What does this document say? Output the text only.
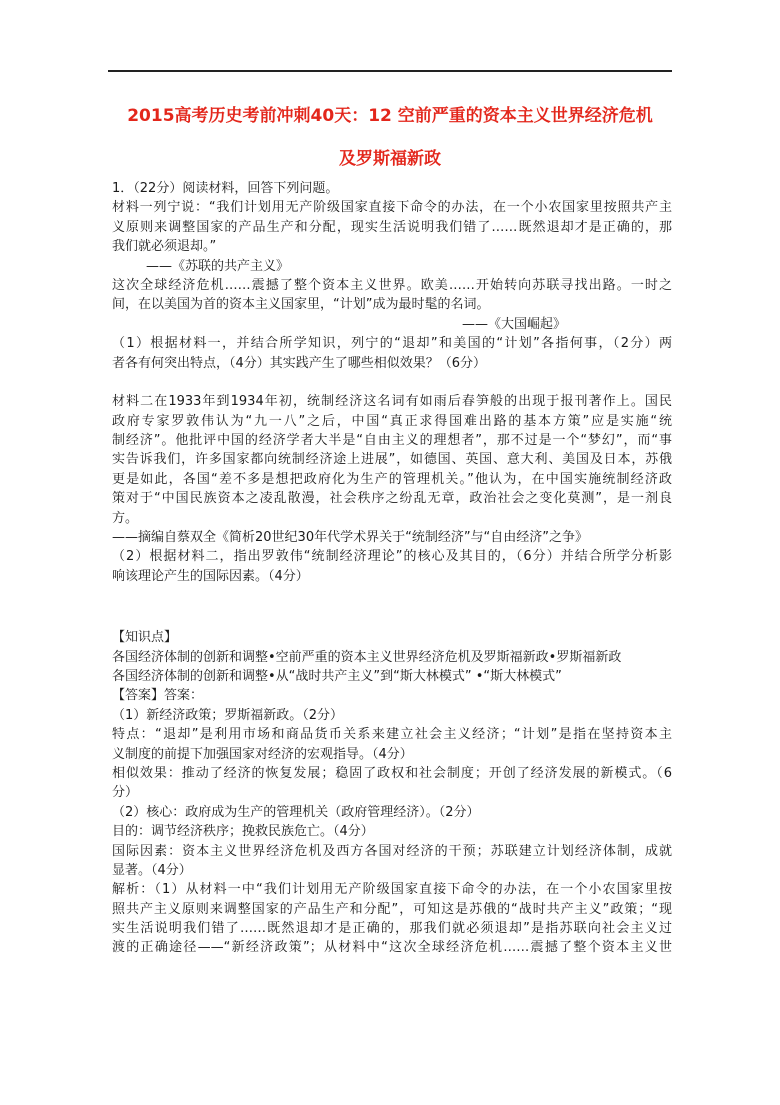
2015高考历史考前冲刺40天：12 空前严重的资本主义世界经济危机
及罗斯福新政
1．（22分）阅读材料，回答下列问题。
材料一列宁说：“我们计划用无产阶级国家直接下命令的办法，在一个小农国家里按照共产主
义原则来调整国家的产品生产和分配，现实生活说明我们错了……既然退却才是正确的，那
我们就必须退却。”
——《苏联的共产主义》
这次全球经济危机……震撼了整个资本主义世界。欧美……开始转向苏联寻找出路。一时之
间，在以美国为首的资本主义国家里，“计划”成为最时髦的名词。
——《大国崛起》
（1）根据材料一，并结合所学知识，列宁的“退却”和美国的“计划”各指何事，（2分）两
者各有何突出特点，（4分）其实践产生了哪些相似效果？（6分）
材料二在1933年到1934年初，统制经济这名词有如雨后春笋般的出现于报刊著作上。国民
政府专家罗敦伟认为“九一八”之后，中国“真正求得国难出路的基本方策”应是实施“统
制经济”。他批评中国的经济学者大半是“自由主义的理想者”，那不过是一个“梦幻”，而“事
实告诉我们，许多国家都向统制经济途上进展”，如德国、英国、意大利、美国及日本，苏俄
更是如此，各国“差不多是想把政府化为生产的管理机关。”他认为，在中国实施统制经济政
策对于“中国民族资本之凌乱散漫，社会秩序之纷乱无章，政治社会之变化莫测”，是一剂良
方。
——摘编自蔡双全《简析20世纪30年代学术界关于“统制经济”与“自由经济”之争》
（2）根据材料二，指出罗敦伟“统制经济理论”的核心及其目的，（6分）并结合所学分析影
响该理论产生的国际因素。（4分）
【知识点】
各国经济体制的创新和调整•空前严重的资本主义世界经济危机及罗斯福新政•罗斯福新政
各国经济体制的创新和调整•从“战时共产主义”到“斯大林模式” •“斯大林模式”
【答案】答案：
（1）新经济政策；罗斯福新政。（2分）
特点：“退却”是利用市场和商品货币关系来建立社会主义经济；“计划”是指在坚持资本主
义制度的前提下加强国家对经济的宏观指导。（4分）
相似效果：推动了经济的恢复发展；稳固了政权和社会制度；开创了经济发展的新模式。（6
分）
（2）核心：政府成为生产的管理机关（政府管理经济）。（2分）
目的：调节经济秩序；挽救民族危亡。（4分）
国际因素：资本主义世界经济危机及西方各国对经济的干预；苏联建立计划经济体制，成就
显著。（4分）
解析：（1）从材料一中“我们计划用无产阶级国家直接下命令的办法，在一个小农国家里按
照共产主义原则来调整国家的产品生产和分配”，可知这是苏俄的“战时共产主义”政策；“现
实生活说明我们错了……既然退却才是正确的，那我们就必须退却”是指苏联向社会主义过
渡的正确途径——“新经济政策”；从材料中“这次全球经济危机……震撼了整个资本主义世
